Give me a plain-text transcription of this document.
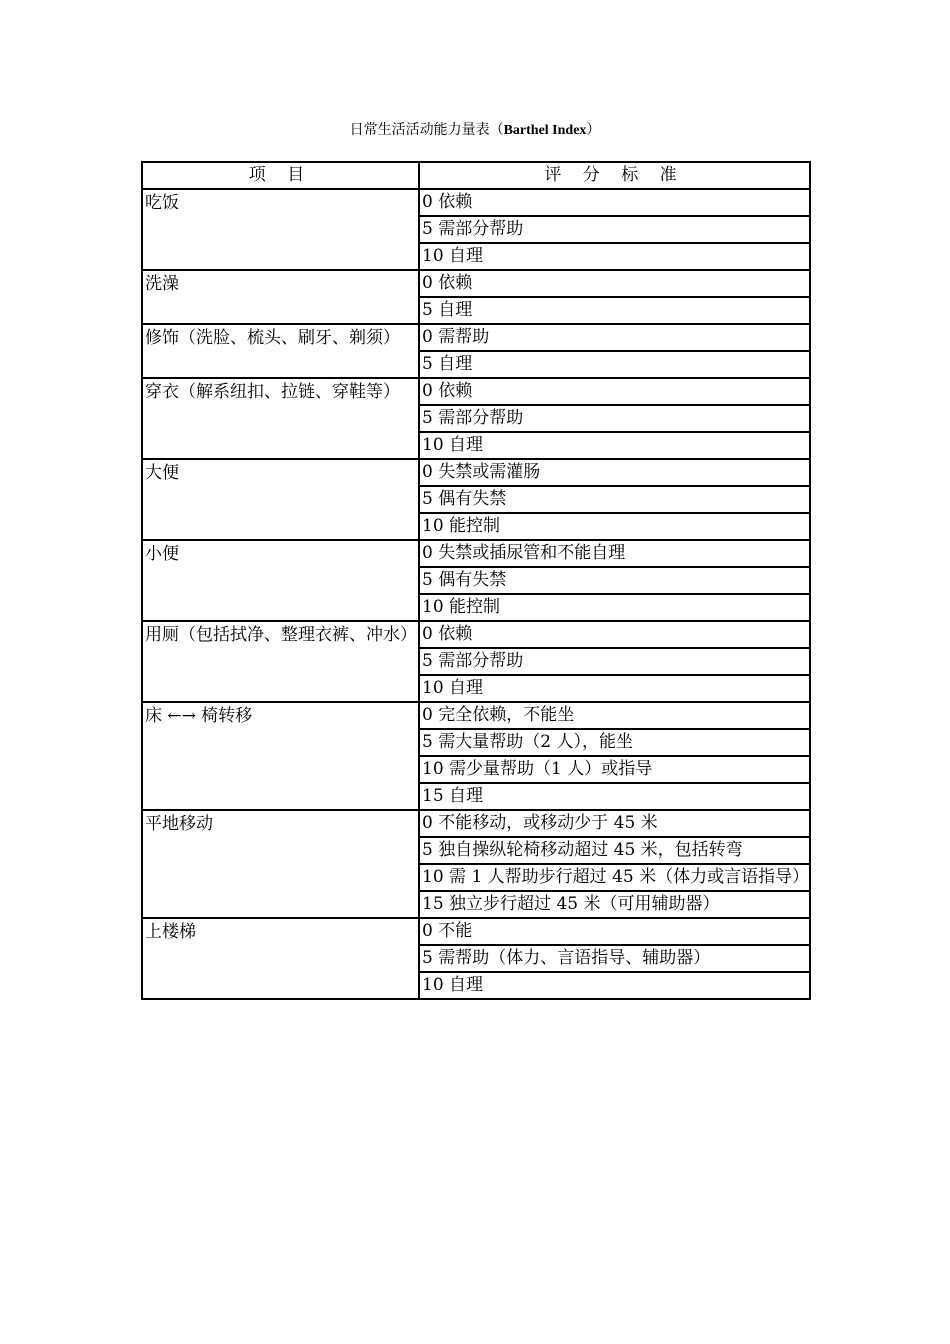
日常生活活动能力量表（Barthel Index）
项 目	评 分 标 准
吃饭	0 依赖
	5 需部分帮助
	10 自理
洗澡	0 依赖
	5 自理
修饰（洗脸、梳头、刷牙、剃须）	0 需帮助
	5 自理
穿衣（解系纽扣、拉链、穿鞋等）	0 依赖
	5 需部分帮助
	10 自理
大便	0 失禁或需灌肠
	5 偶有失禁
	10 能控制
小便	0 失禁或插尿管和不能自理
	5 偶有失禁
	10 能控制
用厕（包括拭净、整理衣裤、冲水）	0 依赖
	5 需部分帮助
	10 自理
床 ←→ 椅转移	0 完全依赖，不能坐
	5 需大量帮助（2 人），能坐
	10 需少量帮助（1 人）或指导
	15 自理
平地移动	0 不能移动，或移动少于 45 米
	5 独自操纵轮椅移动超过 45 米，包括转弯
	10 需 1 人帮助步行超过 45 米（体力或言语指导）
	15 独立步行超过 45 米（可用辅助器）
上楼梯	0 不能
	5 需帮助（体力、言语指导、辅助器）
	10 自理
